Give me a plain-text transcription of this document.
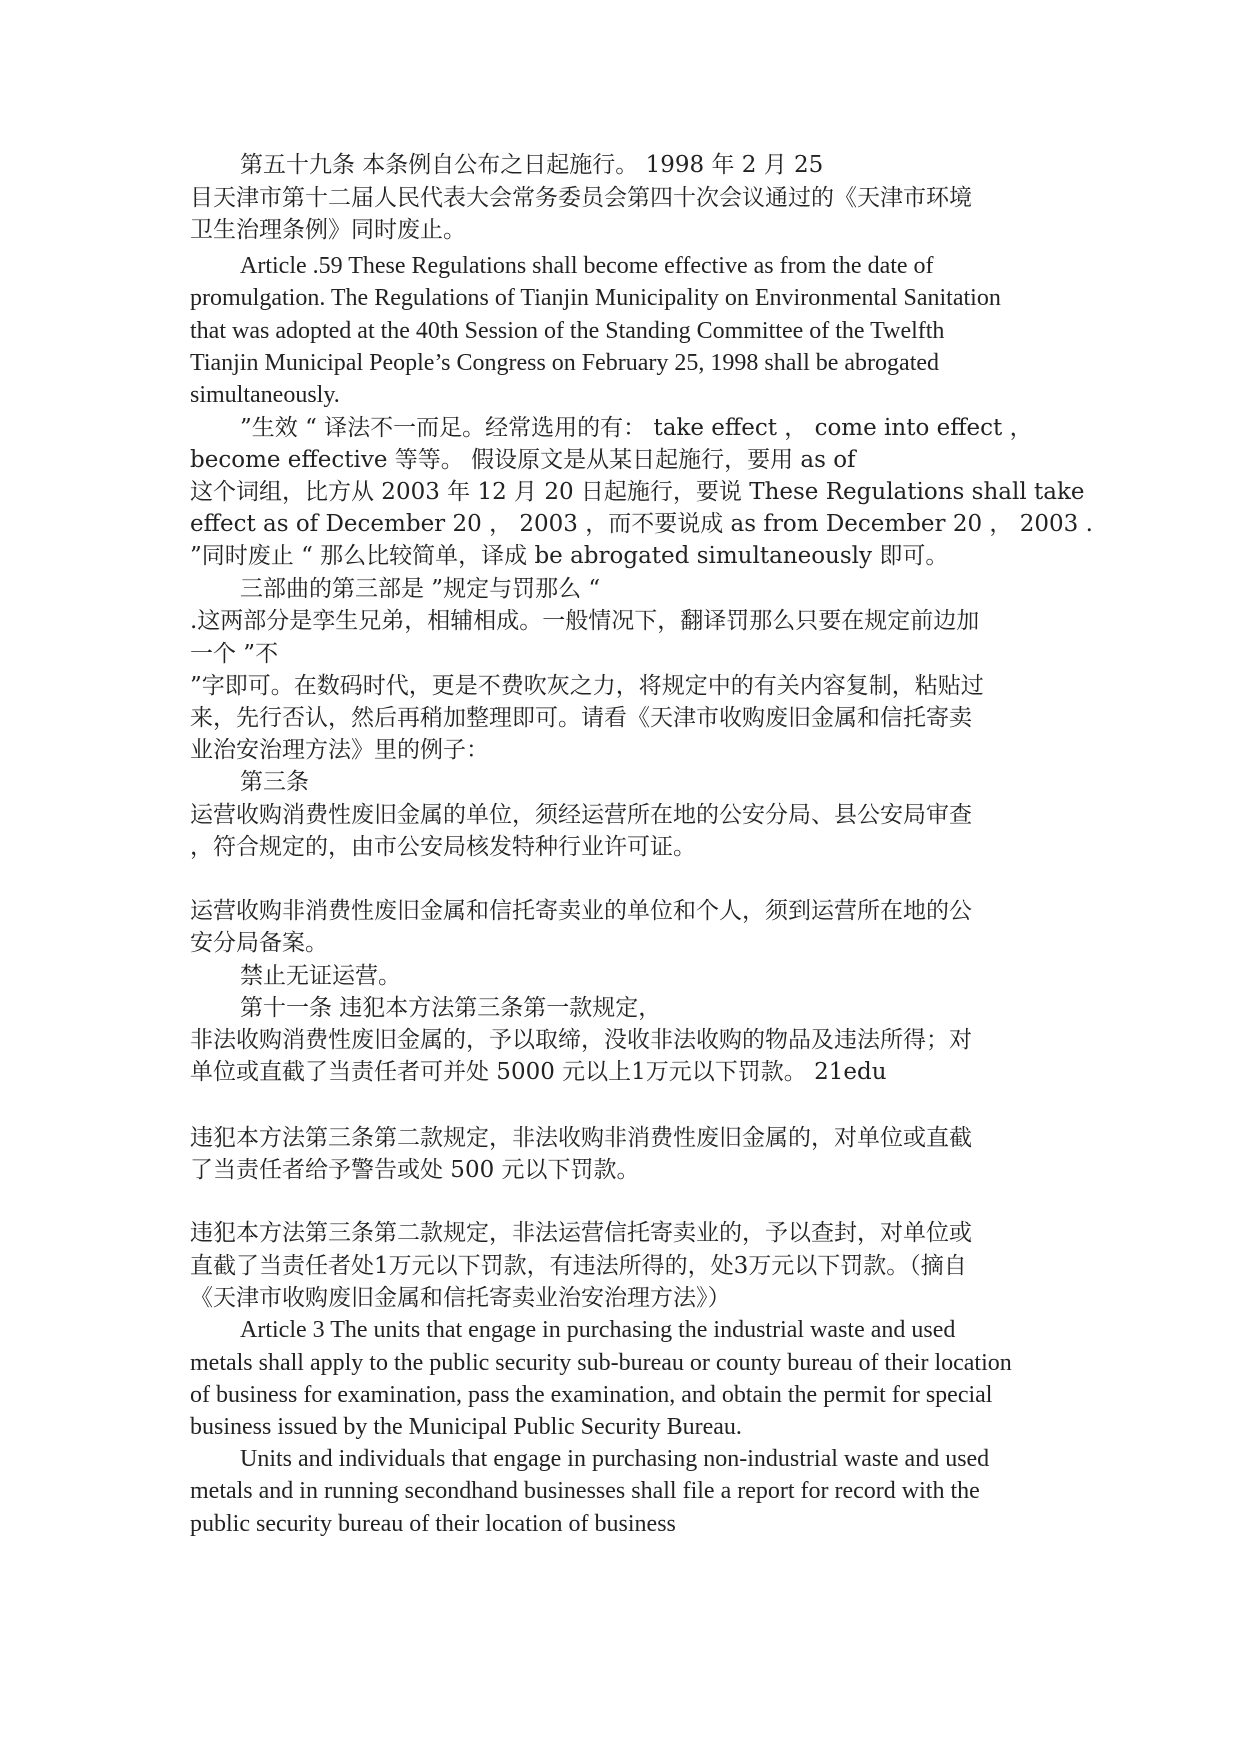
第五十九条 本条例自公布之日起施行。 1998 年 2 月 25
目天津市第十二届人民代表大会常务委员会第四十次会议通过的《天津市环境
卫生治理条例》同时废止。
Article .59 These Regulations shall become effective as from the date of
promulgation. The Regulations of Tianjin Municipality on Environmental Sanitation
that was adopted at the 40th Session of the Standing Committee of the Twelfth
Tianjin Municipal People’s Congress on February 25, 1998 shall be abrogated
simultaneously.
”生效 “ 译法不一而足。经常选用的有： take effect ， come into effect ，
become effective 等等。 假设原文是从某日起施行，要用 as of
这个词组，比方从 2003 年 12 月 20 日起施行，要说 These Regulations shall take
effect as of December 20 ， 2003 ，而不要说成 as from December 20 ， 2003 .
”同时废止 “ 那么比较简单，译成 be abrogated simultaneously 即可。
三部曲的第三部是 ”规定与罚那么 “
.这两部分是孪生兄弟，相辅相成。一般情况下，翻译罚那么只要在规定前边加
一个 ”不
”字即可。在数码时代，更是不费吹灰之力，将规定中的有关内容复制，粘贴过
来，先行否认，然后再稍加整理即可。请看《天津市收购废旧金属和信托寄卖
业治安治理方法》里的例子：
第三条
运营收购消费性废旧金属的单位，须经运营所在地的公安分局、县公安局审查
，符合规定的，由市公安局核发特种行业许可证。
运营收购非消费性废旧金属和信托寄卖业的单位和个人，须到运营所在地的公
安分局备案。
禁止无证运营。
第十一条 违犯本方法第三条第一款规定，
非法收购消费性废旧金属的，予以取缔，没收非法收购的物品及违法所得；对
单位或直截了当责任者可并处 5000 元以上1万元以下罚款。 21edu
违犯本方法第三条第二款规定，非法收购非消费性废旧金属的，对单位或直截
了当责任者给予警告或处 500 元以下罚款。
违犯本方法第三条第二款规定，非法运营信托寄卖业的，予以查封，对单位或
直截了当责任者处1万元以下罚款，有违法所得的，处3万元以下罚款。（摘自
《天津市收购废旧金属和信托寄卖业治安治理方法》）
Article 3 The units that engage in purchasing the industrial waste and used
metals shall apply to the public security sub-bureau or county bureau of their location
of business for examination, pass the examination, and obtain the permit for special
business issued by the Municipal Public Security Bureau.
Units and individuals that engage in purchasing non-industrial waste and used
metals and in running secondhand businesses shall file a report for record with the
public security bureau of their location of business
